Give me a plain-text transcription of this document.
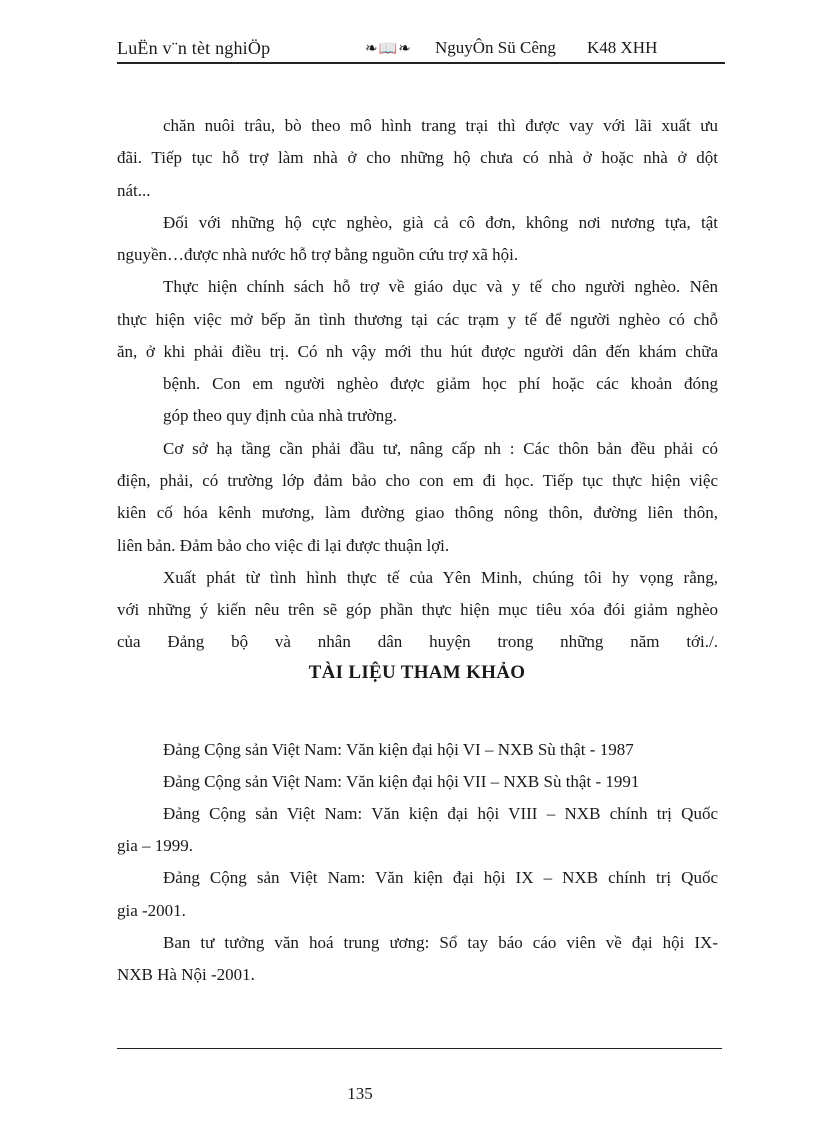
LuËn v¨n tèt nghiÖp	❧📖❧ NguyÔn Sü Cêng K48 XHH
chăn nuôi trâu, bò theo mô hình trang trại thì được vay với lãi xuất ưu
đãi. Tiếp tục hỗ trợ làm nhà ở cho những hộ chưa có nhà ở hoặc nhà ở dột
nát...
Đối với những hộ cực nghèo, già cả cô đơn, không nơi nương tựa, tật
nguyền…được nhà nước hỗ trợ bằng nguồn cứu trợ xã hội.
Thực hiện chính sách hỗ trợ về giáo dục và y tế cho người nghèo. Nên
thực hiện việc mở bếp ăn tình thương tại các trạm y tế để người nghèo có chỗ
ăn, ở khi phải điều trị. Có nh vậy mới thu hút được người dân đến khám chữa
bệnh. Con em người nghèo được giảm học phí hoặc các khoản đóng
góp theo quy định của nhà trường.
Cơ sở hạ tầng cần phải đầu tư, nâng cấp nh : Các thôn bản đều phải có
điện, phải, có trường lớp đảm bảo cho con em đi học. Tiếp tục thực hiện việc
kiên cố hóa kênh mương, làm đường giao thông nông thôn, đường liên thôn,
liên bản. Đảm bảo cho việc đi lại được thuận lợi.
Xuất phát từ tình hình thực tế của Yên Minh, chúng tôi hy vọng rằng,
với những ý kiến nêu trên sẽ góp phần thực hiện mục tiêu xóa đói giảm nghèo
của Đảng bộ và nhân dân huyện trong những năm tới./.
TÀI LIỆU THAM KHẢO
Đảng Cộng sản Việt Nam: Văn kiện đại hội VI – NXB Sù thật - 1987
Đảng Cộng sản Việt Nam: Văn kiện đại hội VII – NXB Sù thật - 1991
Đảng Cộng sản Việt Nam: Văn kiện đại hội VIII – NXB chính trị Quốc
gia – 1999.
Đảng Cộng sản Việt Nam: Văn kiện đại hội IX – NXB chính trị Quốc
gia -2001.
Ban tư tưởng văn hoá trung ương: Sổ tay báo cáo viên về đại hội IX-
NXB Hà Nội -2001.
135
